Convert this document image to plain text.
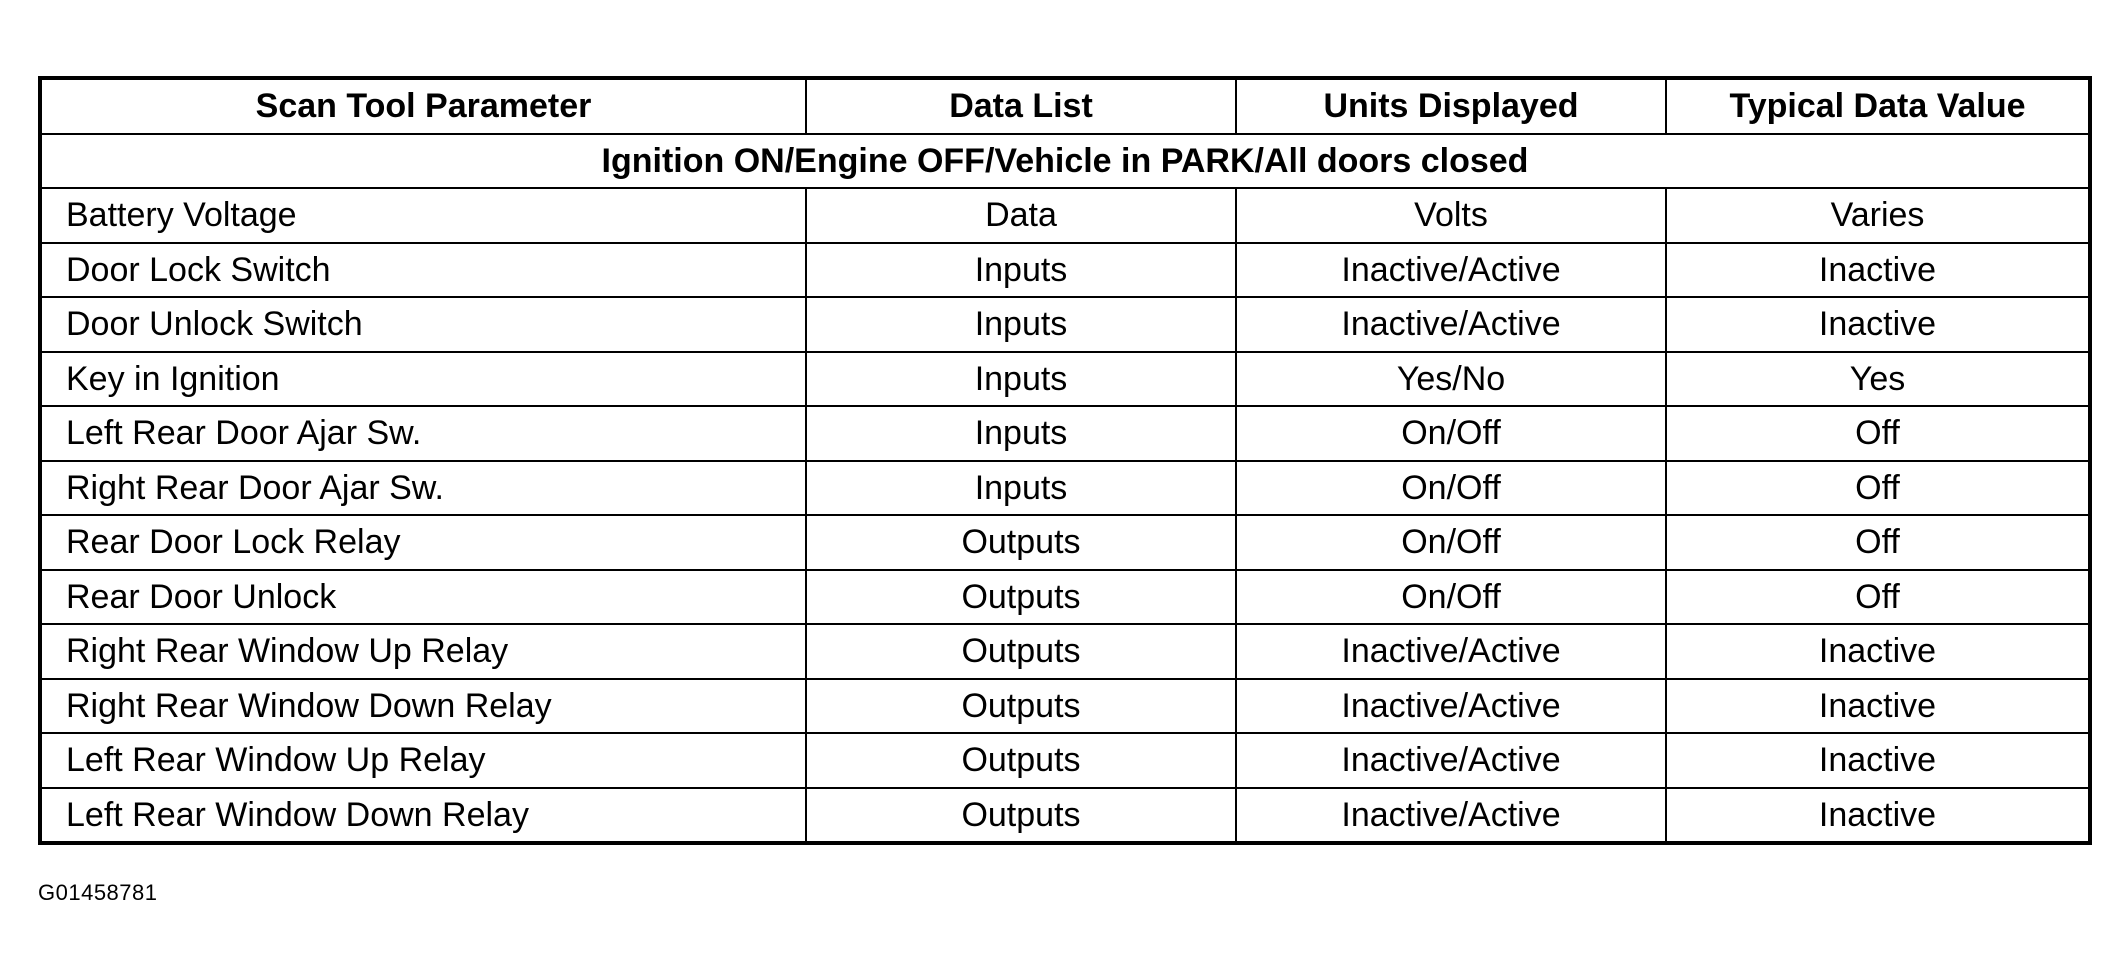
Scan Tool Parameter	Data List	Units Displayed	Typical Data Value
Ignition ON/Engine OFF/Vehicle in PARK/All doors closed			
Battery Voltage	Data	Volts	Varies
Door Lock Switch	Inputs	Inactive/Active	Inactive
Door Unlock Switch	Inputs	Inactive/Active	Inactive
Key in Ignition	Inputs	Yes/No	Yes
Left Rear Door Ajar Sw.	Inputs	On/Off	Off
Right Rear Door Ajar Sw.	Inputs	On/Off	Off
Rear Door Lock Relay	Outputs	On/Off	Off
Rear Door Unlock	Outputs	On/Off	Off
Right Rear Window Up Relay	Outputs	Inactive/Active	Inactive
Right Rear Window Down Relay	Outputs	Inactive/Active	Inactive
Left Rear Window Up Relay	Outputs	Inactive/Active	Inactive
Left Rear Window Down Relay	Outputs	Inactive/Active	Inactive
G01458781
